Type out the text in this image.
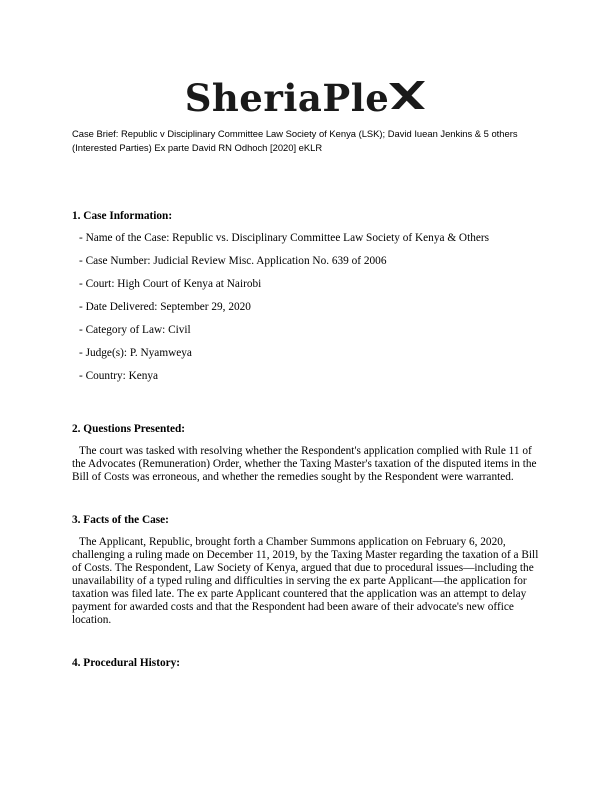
SheriaPle
Case Brief: Republic v Disciplinary Committee Law Society of Kenya (LSK); David Iuean Jenkins & 5 others (Interested Parties) Ex parte David RN Odhoch [2020] eKLR
1. Case Information:
- Name of the Case: Republic vs. Disciplinary Committee Law Society of Kenya & Others
- Case Number: Judicial Review Misc. Application No. 639 of 2006
- Court: High Court of Kenya at Nairobi
- Date Delivered: September 29, 2020
- Category of Law: Civil
- Judge(s): P. Nyamweya
- Country: Kenya
2. Questions Presented:

The court was tasked with resolving whether the Respondent's application complied with Rule 11 of the Advocates (Remuneration) Order, whether the Taxing Master's taxation of the disputed items in the Bill of Costs was erroneous, and whether the remedies sought by the Respondent were warranted.

3. Facts of the Case:

The Applicant, Republic, brought forth a Chamber Summons application on February 6, 2020, challenging a ruling made on December 11, 2019, by the Taxing Master regarding the taxation of a Bill of Costs. The Respondent, Law Society of Kenya, argued that due to procedural issues—including the unavailability of a typed ruling and difficulties in serving the ex parte Applicant—the application for taxation was filed late. The ex parte Applicant countered that the application was an attempt to delay payment for awarded costs and that the Respondent had been aware of their advocate's new office location.

4. Procedural History:
